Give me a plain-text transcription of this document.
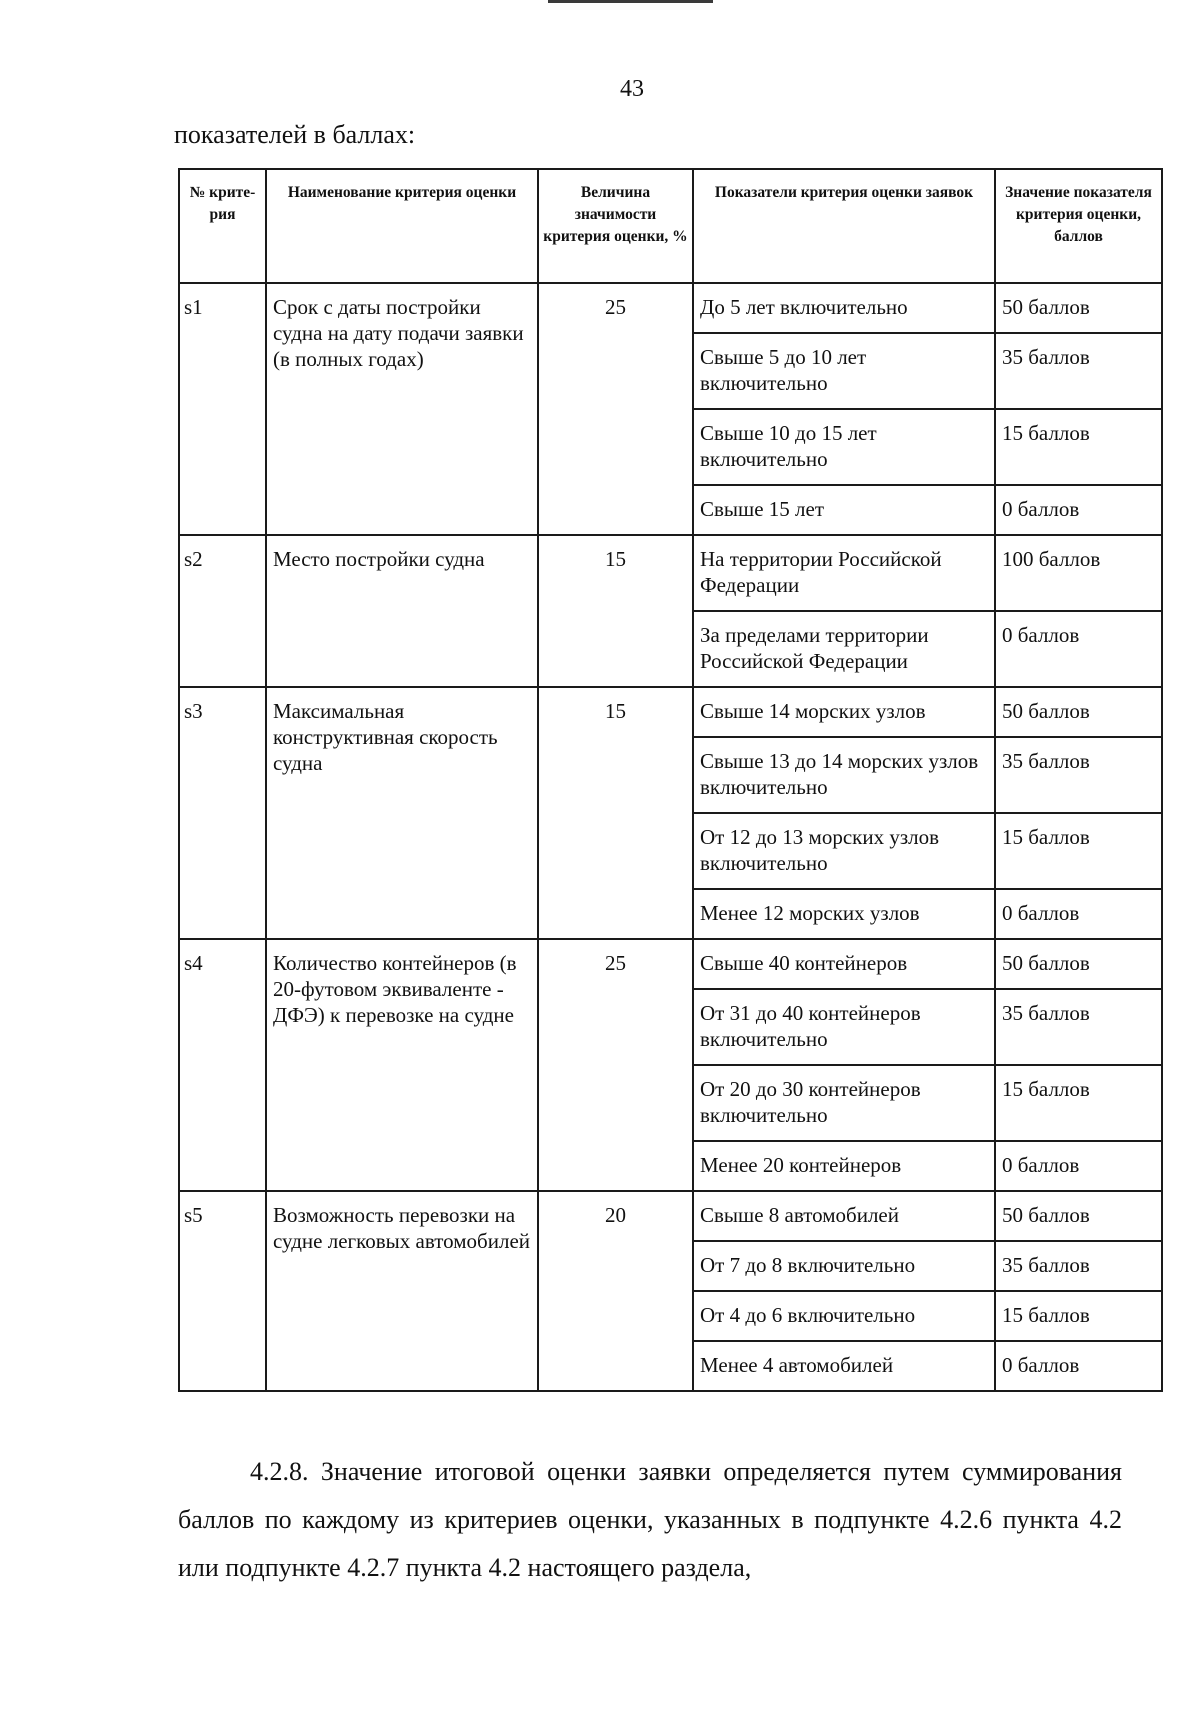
43
показателей в баллах:
№ крите-рия	Наименование критерия оценки	Величина значимости критерия оценки, %	Показатели критерия оценки заявок	Значение показателя критерия оценки, баллов
s1	Срок с даты постройки судна на дату подачи заявки (в полных годах)	25	До 5 лет включительно	50 баллов
			Свыше 5 до 10 лет включительно	35 баллов
			Свыше 10 до 15 лет включительно	15 баллов
			Свыше 15 лет	0 баллов
s2	Место постройки судна	15	На территории Российской Федерации	100 баллов
			За пределами территории Российской Федерации	0 баллов
s3	Максимальная конструктивная скорость судна	15	Свыше 14 морских узлов	50 баллов
			Свыше 13 до 14 морских узлов включительно	35 баллов
			От 12 до 13 морских узлов включительно	15 баллов
			Менее 12 морских узлов	0 баллов
s4	Количество контейнеров (в 20-футовом эквиваленте - ДФЭ) к перевозке на судне	25	Свыше 40 контейнеров	50 баллов
			От 31 до 40 контейнеров включительно	35 баллов
			От 20 до 30 контейнеров включительно	15 баллов
			Менее 20 контейнеров	0 баллов
s5	Возможность перевозки на судне легковых автомобилей	20	Свыше 8 автомобилей	50 баллов
			От 7 до 8 включительно	35 баллов
			От 4 до 6 включительно	15 баллов
			Менее 4 автомобилей	0 баллов

4.2.8. Значение итоговой оценки заявки определяется путем суммирования баллов по каждому из критериев оценки, указанных в подпункте 4.2.6 пункта 4.2 или подпункте 4.2.7 пункта 4.2 настоящего раздела,
